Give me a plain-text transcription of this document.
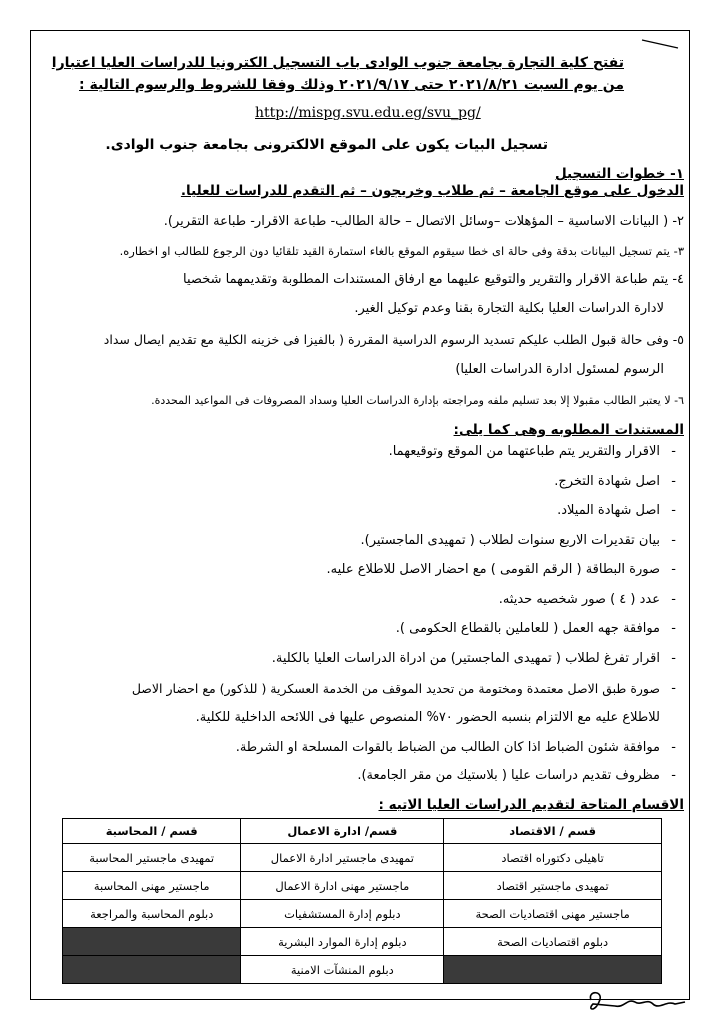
تفتح كلية التجارة بجامعة جنوب الوادى باب التسجيل الكترونيا للدراسات العليا اعتبارا
من يوم السبت ٢٠٢١/٨/٢١ حتى ٢٠٢١/٩/١٧ وذلك وفقا للشروط والرسوم التالية :
http://mispg.svu.edu.eg/svu_pg/
تسجيل البيات يكون على الموقع الالكترونى بجامعة جنوب الوادى.
١- خطوات التسجيل
الدخول على موقع الجامعة – ثم طلاب وخريجون – ثم التقدم للدراسات للعليا.
٢- ( البيانات الاساسية – المؤهلات –وسائل الاتصال – حالة الطالب- طباعة الاقرار- طباعة التقرير).
٣- يتم تسجيل البيانات بدقة وفى حالة اى خطا سيقوم الموقع بالغاء استمارة القيد تلقائيا دون الرجوع للطالب او اخطاره.
٤- يتم طباعة الاقرار والتقرير والتوقيع عليهما مع ارفاق المستندات المطلوبة وتقديمهما شخصيا
لادارة الدراسات العليا بكلية التجارة بقنا وعدم توكيل الغير.
٥- وفى حالة قبول الطلب عليكم تسديد الرسوم الدراسية المقررة ( بالفيزا فى خزينه الكلية مع تقديم ايصال سداد
الرسوم لمسئول ادارة الدراسات العليا)
٦- لا يعتبر الطالب مقبولا إلا بعد تسليم ملفه ومراجعته بإدارة الدراسات العليا وسداد المصروفات فى المواعيد المحددة.
المستندات المطلوبه وهى كما يلى:
-
الاقرار والتقرير يتم طباعتهما من الموقع وتوقيعهما.
-
اصل شهادة التخرج.
-
اصل شهادة الميلاد.
-
بيان تقديرات الاربع سنوات لطلاب ( تمهيدى الماجستير).
-
صورة البطاقة ( الرقم القومى ) مع احضار الاصل للاطلاع عليه.
-
عدد ( ٤ ) صور شخصيه حديثه.
-
موافقة جهه العمل ( للعاملين بالقطاع الحكومى ).
-
اقرار تفرغ لطلاب ( تمهيدى الماجستير) من ادراة الدراسات العليا بالكلية.
-
صورة طبق الاصل معتمدة ومختومة من تحديد الموقف من الخدمة العسكرية ( للذكور) مع احضار الاصل
للاطلاع عليه مع الالتزام بنسبه الحضور ٧٠% المنصوص عليها فى اللائحه الداخلية للكلية.
-
موافقة شئون الضباط اذا كان الطالب من الضباط بالقوات المسلحة او الشرطة.
-
مظروف تقديم دراسات عليا ( بلاستيك من مقر الجامعة).
الاقسام المتاحة لتقديم الدراسات العليا الاتيه :
قسم / الاقتصاد	قسم/ ادارة الاعمال	قسم / المحاسبة
تاهيلى دكتوراه اقتصاد	تمهيدى ماجستير ادارة الاعمال	تمهيدى ماجستير المحاسبة
تمهيدى ماجستير اقتصاد	ماجستير مهنى ادارة الاعمال	ماجستير مهنى المحاسبة
ماجستير مهنى اقتصاديات الصحة	دبلوم إدارة المستشفيات	دبلوم المحاسبة والمراجعة
دبلوم اقتصاديات الصحة	دبلوم إدارة الموارد البشرية	
	دبلوم المنشآت الامنية	
